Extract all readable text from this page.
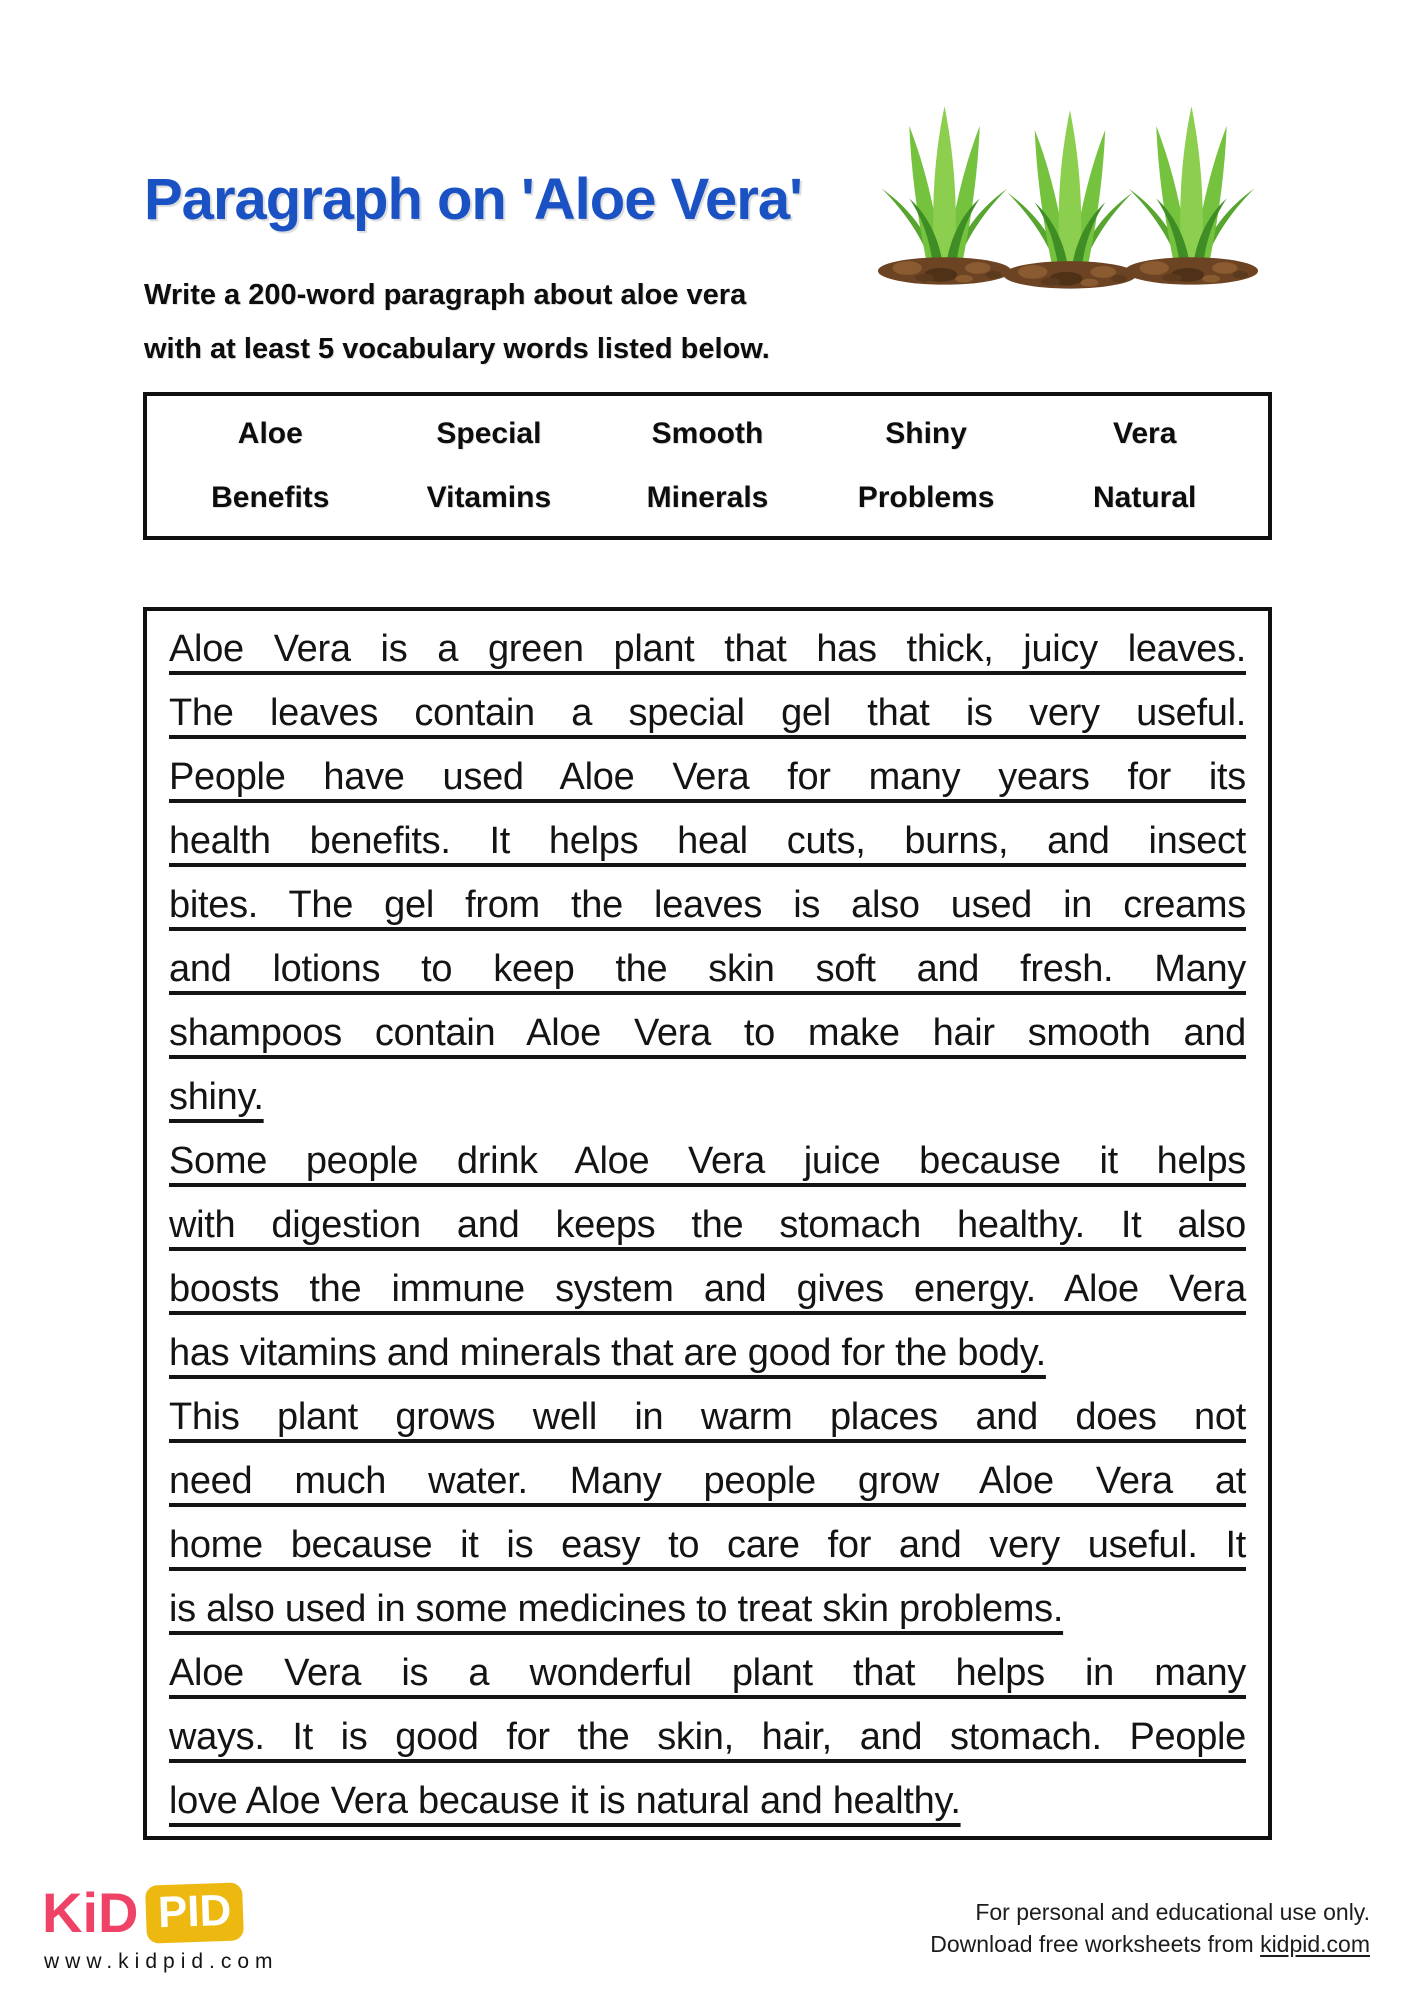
Paragraph on 'Aloe Vera'
Write a 200-word paragraph about aloe vera
with at least 5 vocabulary words listed below.
Aloe	Special	Smooth	Shiny	Vera
Benefits	Vitamins	Minerals	Problems	Natural
Aloe Vera is a green plant that has thick, juicy leaves.
The leaves contain a special gel that is very useful.
People have used Aloe Vera for many years for its
health benefits. It helps heal cuts, burns, and insect
bites. The gel from the leaves is also used in creams
and lotions to keep the skin soft and fresh. Many
shampoos contain Aloe Vera to make hair smooth and
shiny.
Some people drink Aloe Vera juice because it helps
with digestion and keeps the stomach healthy. It also
boosts the immune system and gives energy. Aloe Vera
has vitamins and minerals that are good for the body.
This plant grows well in warm places and does not
need much water. Many people grow Aloe Vera at
home because it is easy to care for and very useful. It
is also used in some medicines to treat skin problems.
Aloe Vera is a wonderful plant that helps in many
ways. It is good for the skin, hair, and stomach. People
love Aloe Vera because it is natural and healthy.
KiD PID
www.kidpid.com
For personal and educational use only.
Download free worksheets from kidpid.com
